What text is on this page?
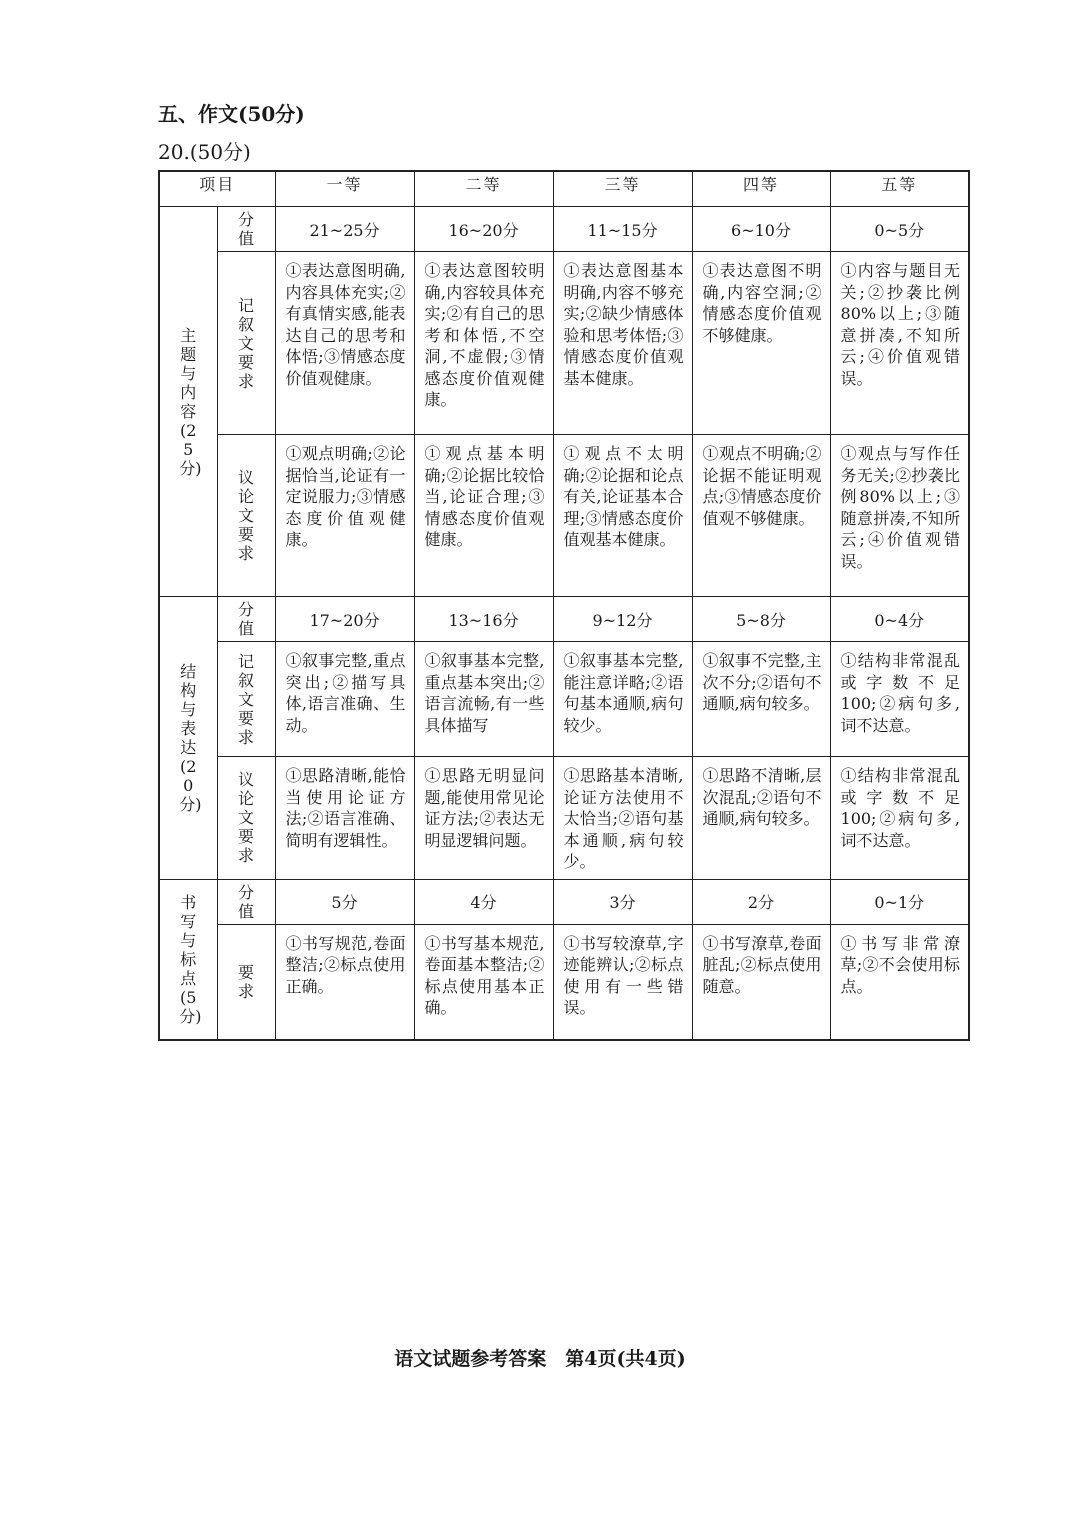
五、作文(50分)
20.(50分)
项目		一等	二等	三等	四等	五等
主题与内容(25分)	分值	21~25分	16~20分	11~15分	6~10分	0~5分
	记叙文要求	①表达意图明确,内容具体充实;②有真情实感,能表达自己的思考和体悟;③情感态度价值观健康。	①表达意图较明确,内容较具体充实;②有自己的思考和体悟,不空洞,不虚假;③情感态度价值观健康。	①表达意图基本明确,内容不够充实;②缺少情感体验和思考体悟;③情感态度价值观基本健康。	①表达意图不明确,内容空洞;②情感态度价值观不够健康。	①内容与题目无关;②抄袭比例80%以上;③随意拼凑,不知所云;④价值观错误。

	议论文要求	①观点明确;②论据恰当,论证有一定说服力;③情感态度价值观健康。	①观点基本明确;②论据比较恰当,论证合理;③情感态度价值观健康。	①观点不太明确;②论据和论点有关,论证基本合理;③情感态度价值观基本健康。	①观点不明确;②论据不能证明观点;③情感态度价值观不够健康。	①观点与写作任务无关;②抄袭比例80%以上;③随意拼凑,不知所云;④价值观错误。

结构与表达(20分)	分值	17~20分	13~16分	9~12分	5~8分	0~4分
	记叙文要求	①叙事完整,重点突出;②描写具体,语言准确、生动。	①叙事基本完整,重点基本突出;②语言流畅,有一些具体描写	①叙事基本完整,能注意详略;②语句基本通顺,病句较少。	①叙事不完整,主次不分;②语句不通顺,病句较多。	①结构非常混乱或字数不足100;②病句多,词不达意。

	议论文要求	①思路清晰,能恰当使用论证方法;②语言准确、简明有逻辑性。	①思路无明显问题,能使用常见论证方法;②表达无明显逻辑问题。	①思路基本清晰,论证方法使用不太恰当;②语句基本通顺,病句较少。	①思路不清晰,层次混乱;②语句不通顺,病句较多。	①结构非常混乱或字数不足100;②病句多,词不达意。

书写与标点(5分)	分值	5分	4分	3分	2分	0~1分
	要求	①书写规范,卷面整洁;②标点使用正确。	①书写基本规范,卷面基本整洁;②标点使用基本正确。	①书写较潦草,字迹能辨认;②标点使用有一些错误。	①书写潦草,卷面脏乱;②标点使用随意。	①书写非常潦草;②不会使用标点。
语文试题参考答案　第4页(共4页)
